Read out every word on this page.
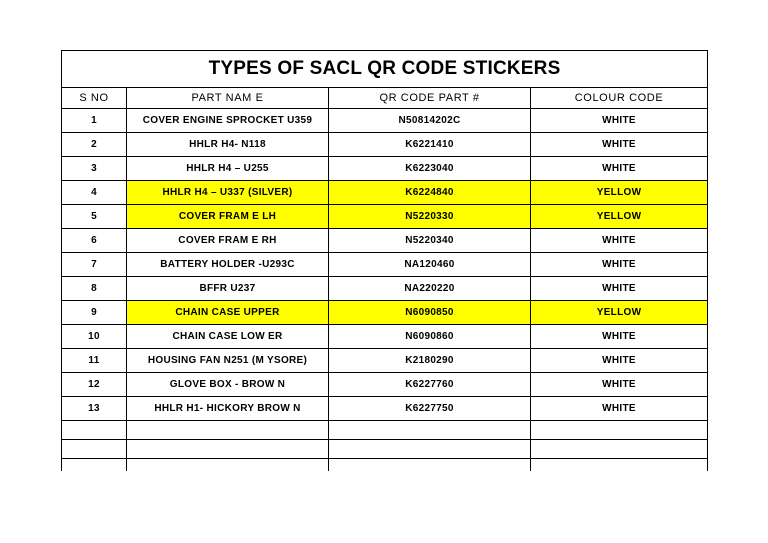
TYPES OF SACL QR CODE STICKERS			
S NO	PART NAM E	QR CODE PART #	COLOUR CODE
1	COVER ENGINE SPROCKET U359	N50814202C	WHITE
2	HHLR H4- N118	K6221410	WHITE
3	HHLR H4 – U255	K6223040	WHITE
4	HHLR H4 – U337 (SILVER)	K6224840	YELLOW
5	COVER FRAM E LH	N5220330	YELLOW
6	COVER FRAM E RH	N5220340	WHITE
7	BATTERY HOLDER -U293C	NA120460	WHITE
8	BFFR U237	NA220220	WHITE
9	CHAIN CASE UPPER	N6090850	YELLOW
10	CHAIN CASE LOW ER	N6090860	WHITE
11	HOUSING FAN N251 (M YSORE)	K2180290	WHITE
12	GLOVE BOX - BROW N	K6227760	WHITE
13	HHLR H1- HICKORY BROW N	K6227750	WHITE
